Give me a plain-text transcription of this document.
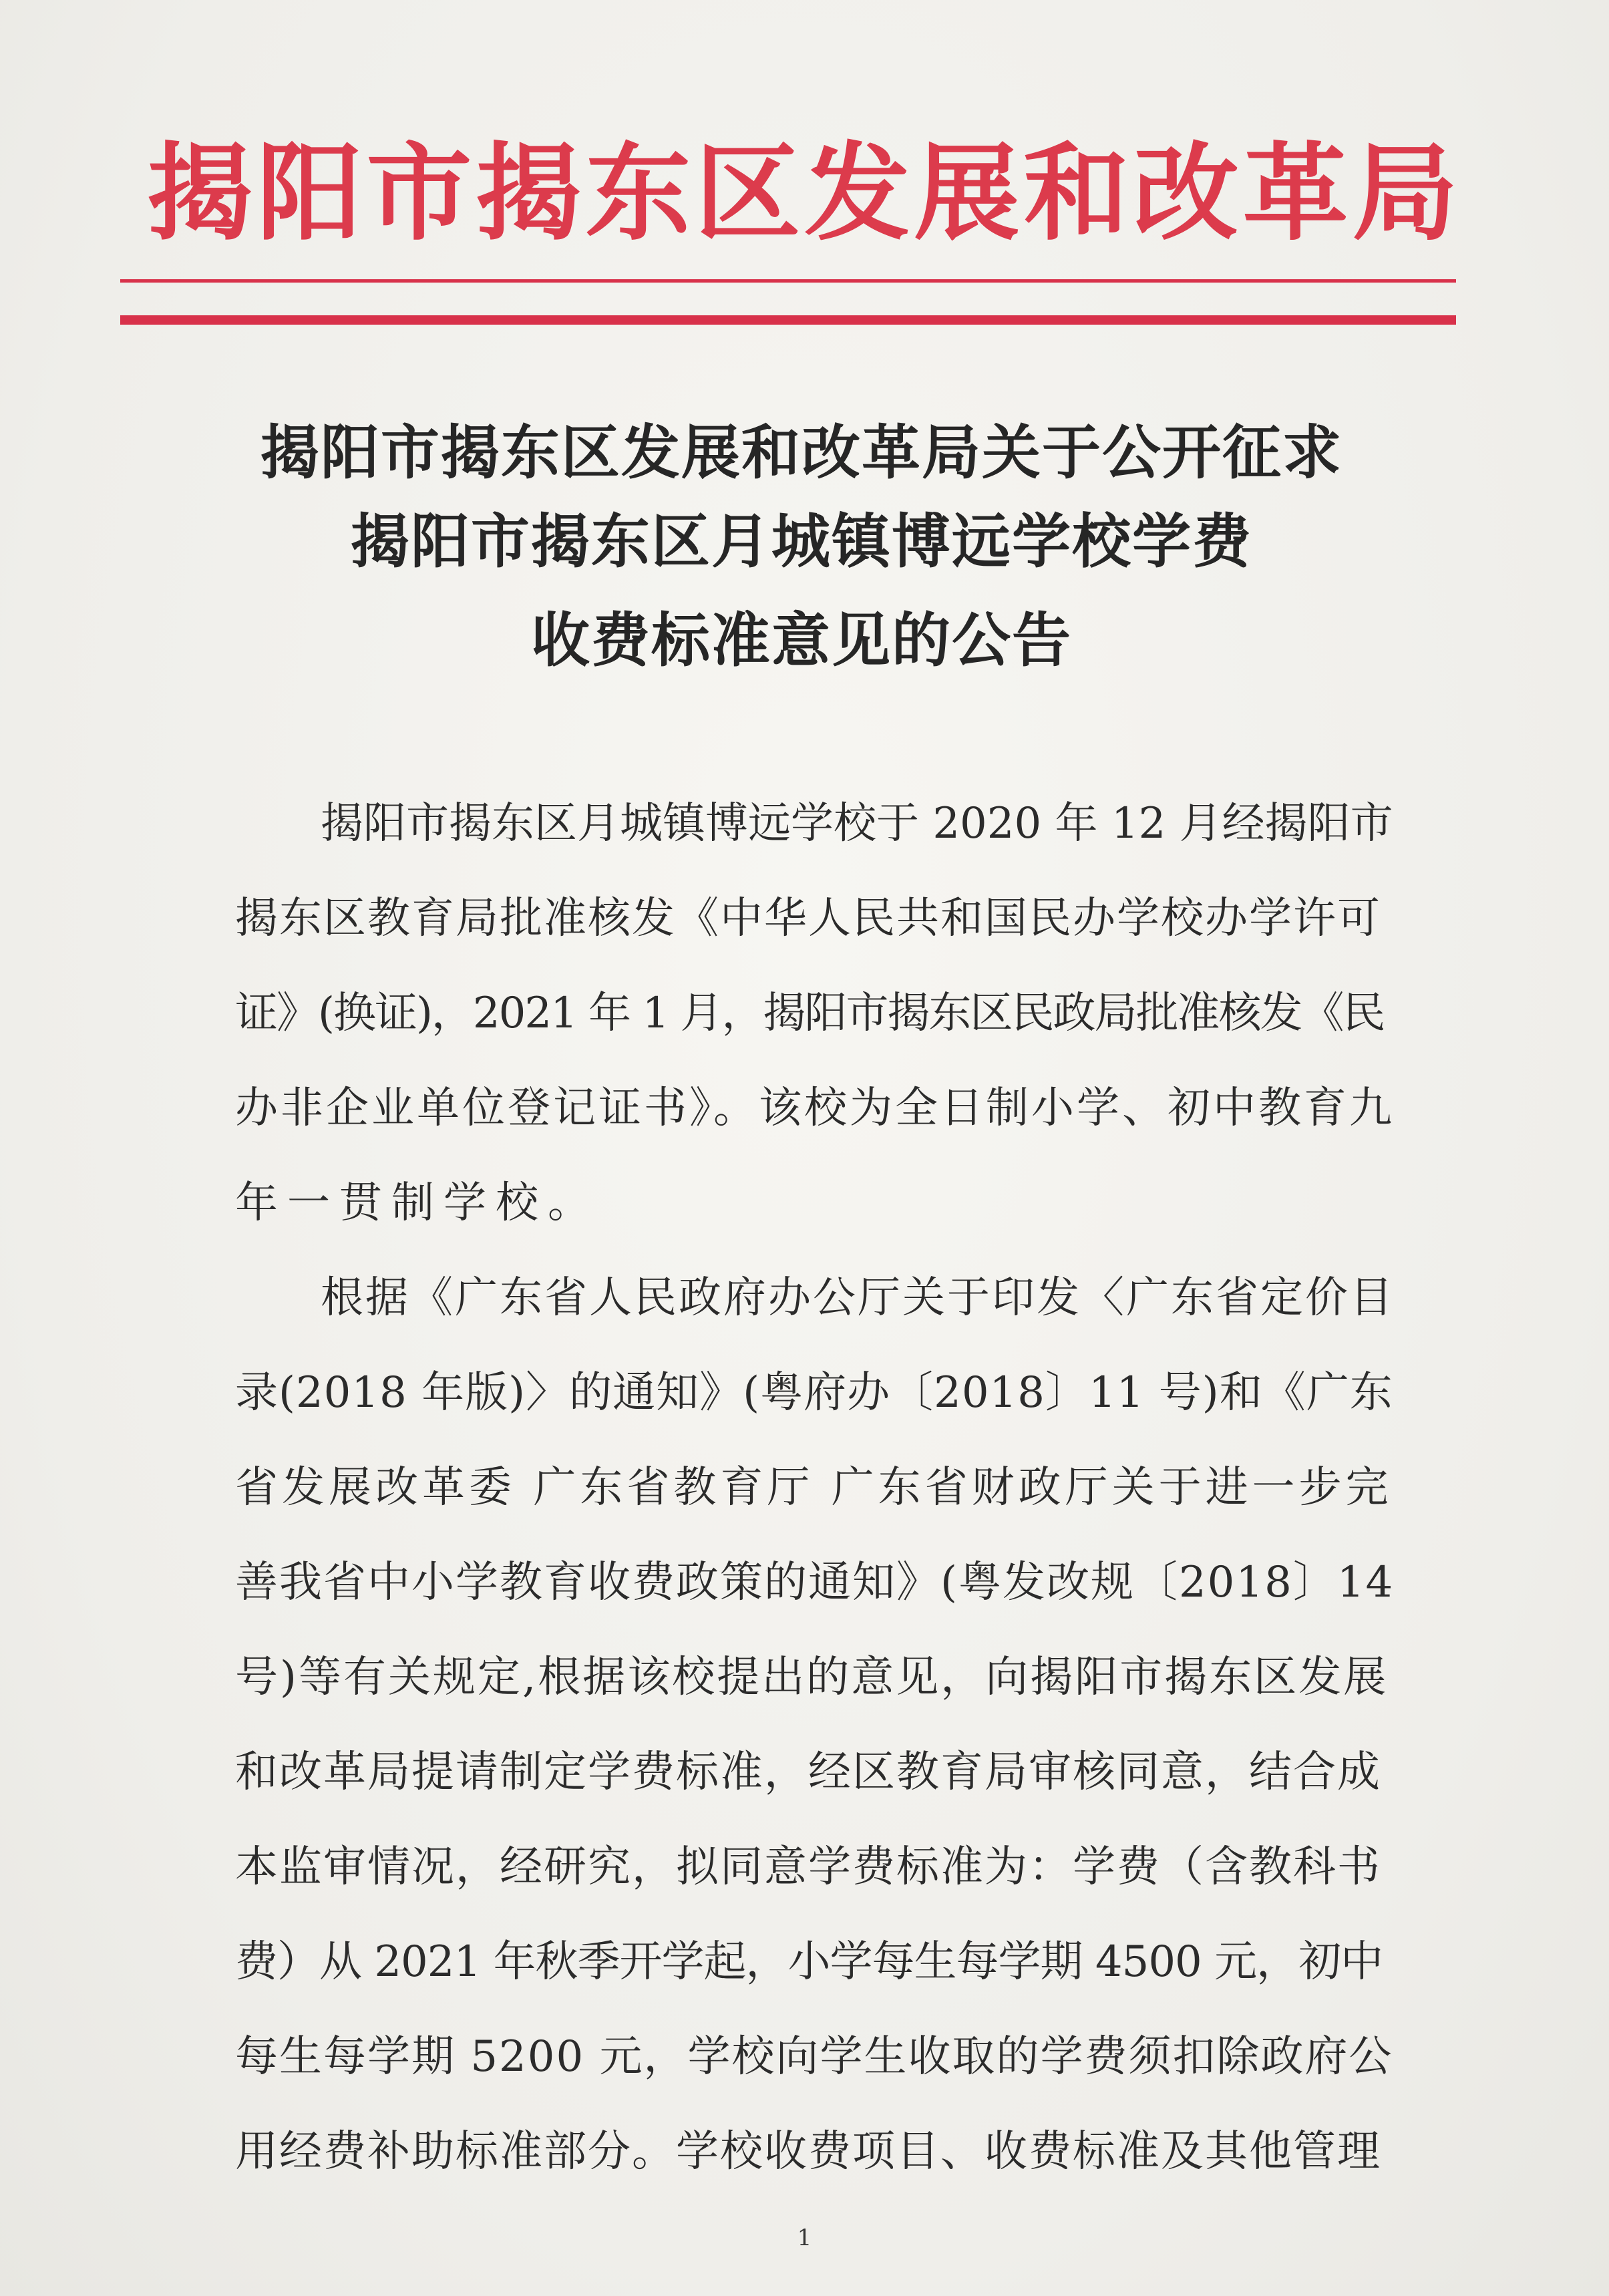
揭阳市揭东区发展和改革局
揭阳市揭东区发展和改革局关于公开征求
揭阳市揭东区月城镇博远学校学费
收费标准意见的公告
揭阳市揭东区月城镇博远学校于 2020 年 12 月经揭阳市
揭东区教育局批准核发《中华人民共和国民办学校办学许可
证》(换证)，2021 年 1 月，揭阳市揭东区民政局批准核发《民
办非企业单位登记证书》。该校为全日制小学、初中教育九
年一贯制学校。
根据《广东省人民政府办公厅关于印发〈广东省定价目
录(2018 年版)〉的通知》(粤府办〔2018〕11 号)和《广东
省发展改革委 广东省教育厅 广东省财政厅关于进一步完
善我省中小学教育收费政策的通知》(粤发改规〔2018〕14
号)等有关规定,根据该校提出的意见，向揭阳市揭东区发展
和改革局提请制定学费标准，经区教育局审核同意，结合成
本监审情况，经研究，拟同意学费标准为：学费（含教科书
费）从 2021 年秋季开学起，小学每生每学期 4500 元，初中
每生每学期 5200 元，学校向学生收取的学费须扣除政府公
用经费补助标准部分。学校收费项目、收费标准及其他管理
1
